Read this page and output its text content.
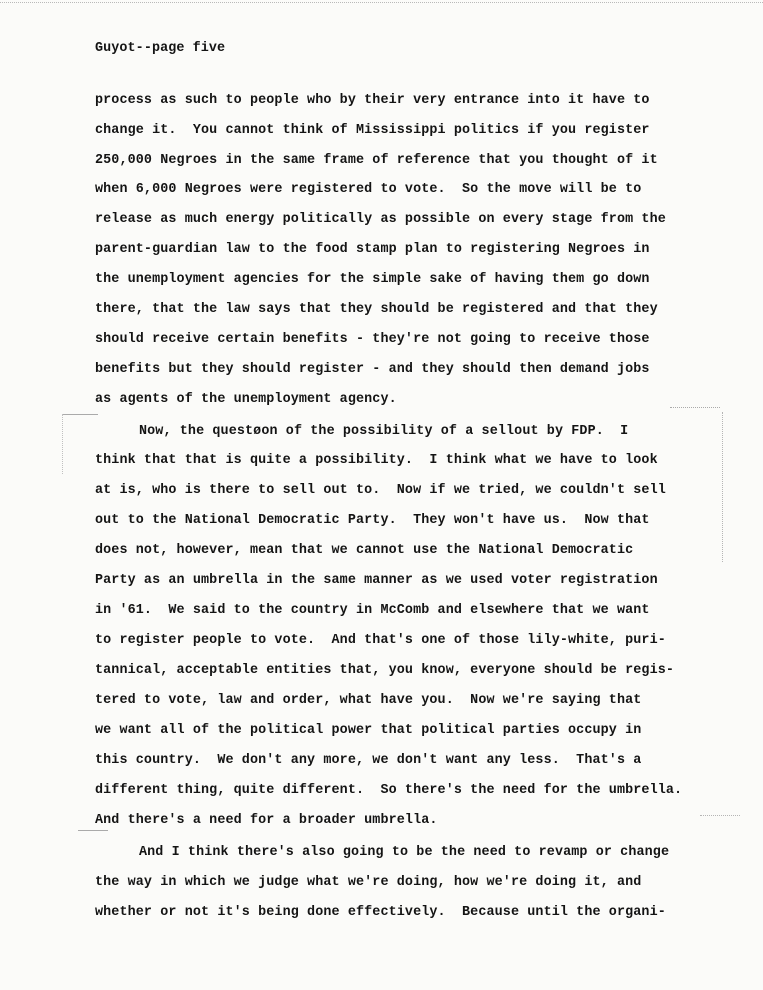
Guyot--page five
process as such to people who by their very entrance into it have to
change it.  You cannot think of Mississippi politics if you register
250,000 Negroes in the same frame of reference that you thought of it
when 6,000 Negroes were registered to vote.  So the move will be to
release as much energy politically as possible on every stage from the
parent-guardian law to the food stamp plan to registering Negroes in
the unemployment agencies for the simple sake of having them go down
there, that the law says that they should be registered and that they
should receive certain benefits - they're not going to receive those
benefits but they should register - and they should then demand jobs
as agents of the unemployment agency.
Now, the questøon of the possibility of a sellout by FDP.  I
think that that is quite a possibility.  I think what we have to look
at is, who is there to sell out to.  Now if we tried, we couldn't sell
out to the National Democratic Party.  They won't have us.  Now that
does not, however, mean that we cannot use the National Democratic
Party as an umbrella in the same manner as we used voter registration
in '61.  We said to the country in McComb and elsewhere that we want
to register people to vote.  And that's one of those lily-white, puri-
tannical, acceptable entities that, you know, everyone should be regis-
tered to vote, law and order, what have you.  Now we're saying that
we want all of the political power that political parties occupy in
this country.  We don't any more, we don't want any less.  That's a
different thing, quite different.  So there's the need for the umbrella.
And there's a need for a broader umbrella.
And I think there's also going to be the need to revamp or change
the way in which we judge what we're doing, how we're doing it, and
whether or not it's being done effectively.  Because until the organi-
